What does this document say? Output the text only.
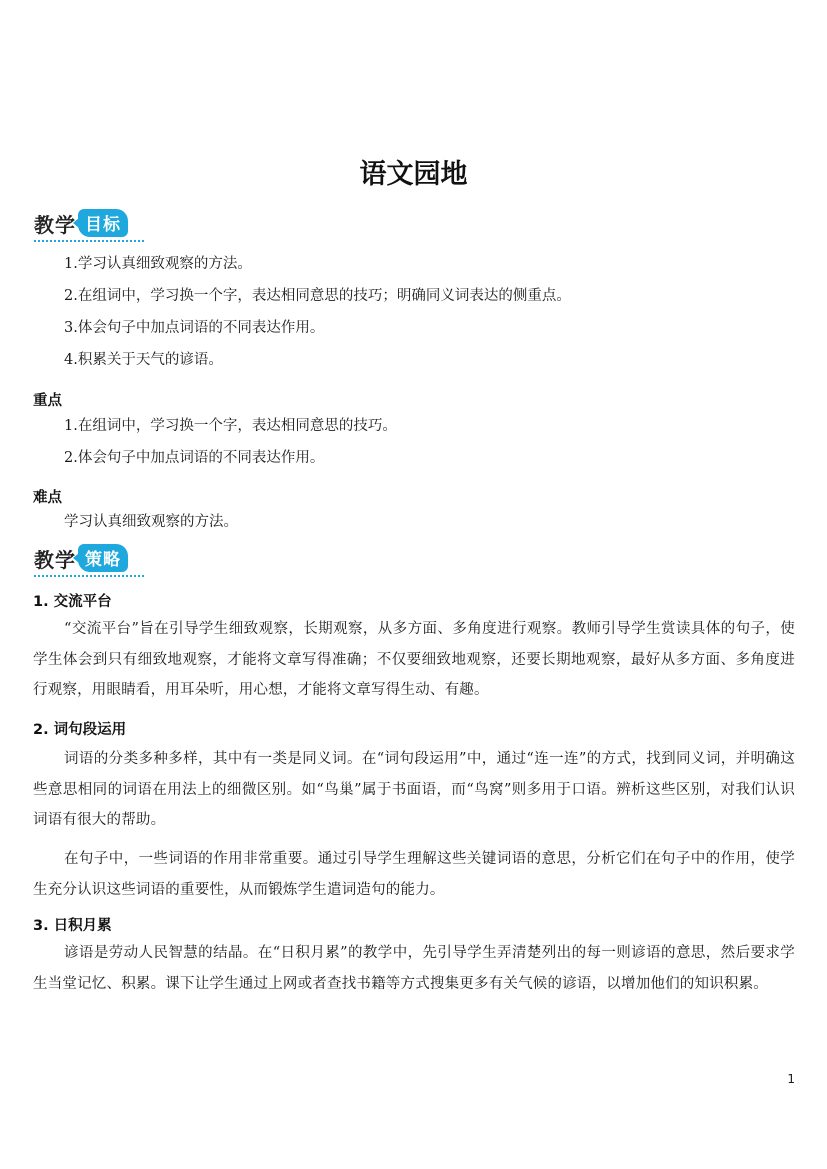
语文园地
教学 目标
1.学习认真细致观察的方法。
2.在组词中，学习换一个字，表达相同意思的技巧；明确同义词表达的侧重点。
3.体会句子中加点词语的不同表达作用。
4.积累关于天气的谚语。
重点
1.在组词中，学习换一个字，表达相同意思的技巧。
2.体会句子中加点词语的不同表达作用。
难点
学习认真细致观察的方法。
教学 策略
1. 交流平台
“交流平台”旨在引导学生细致观察，长期观察，从多方面、多角度进行观察。教师引导学生赏读具体的句子，使学生体会到只有细致地观察，才能将文章写得准确；不仅要细致地观察，还要长期地观察，最好从多方面、多角度进行观察，用眼睛看，用耳朵听，用心想，才能将文章写得生动、有趣。
2. 词句段运用
词语的分类多种多样，其中有一类是同义词。在“词句段运用”中，通过“连一连”的方式，找到同义词，并明确这些意思相同的词语在用法上的细微区别。如“鸟巢”属于书面语，而“鸟窝”则多用于口语。辨析这些区别，对我们认识词语有很大的帮助。
在句子中，一些词语的作用非常重要。通过引导学生理解这些关键词语的意思，分析它们在句子中的作用，使学生充分认识这些词语的重要性，从而锻炼学生遣词造句的能力。
3. 日积月累
谚语是劳动人民智慧的结晶。在“日积月累”的教学中，先引导学生弄清楚列出的每一则谚语的意思，然后要求学生当堂记忆、积累。课下让学生通过上网或者查找书籍等方式搜集更多有关气候的谚语，以增加他们的知识积累。
1
